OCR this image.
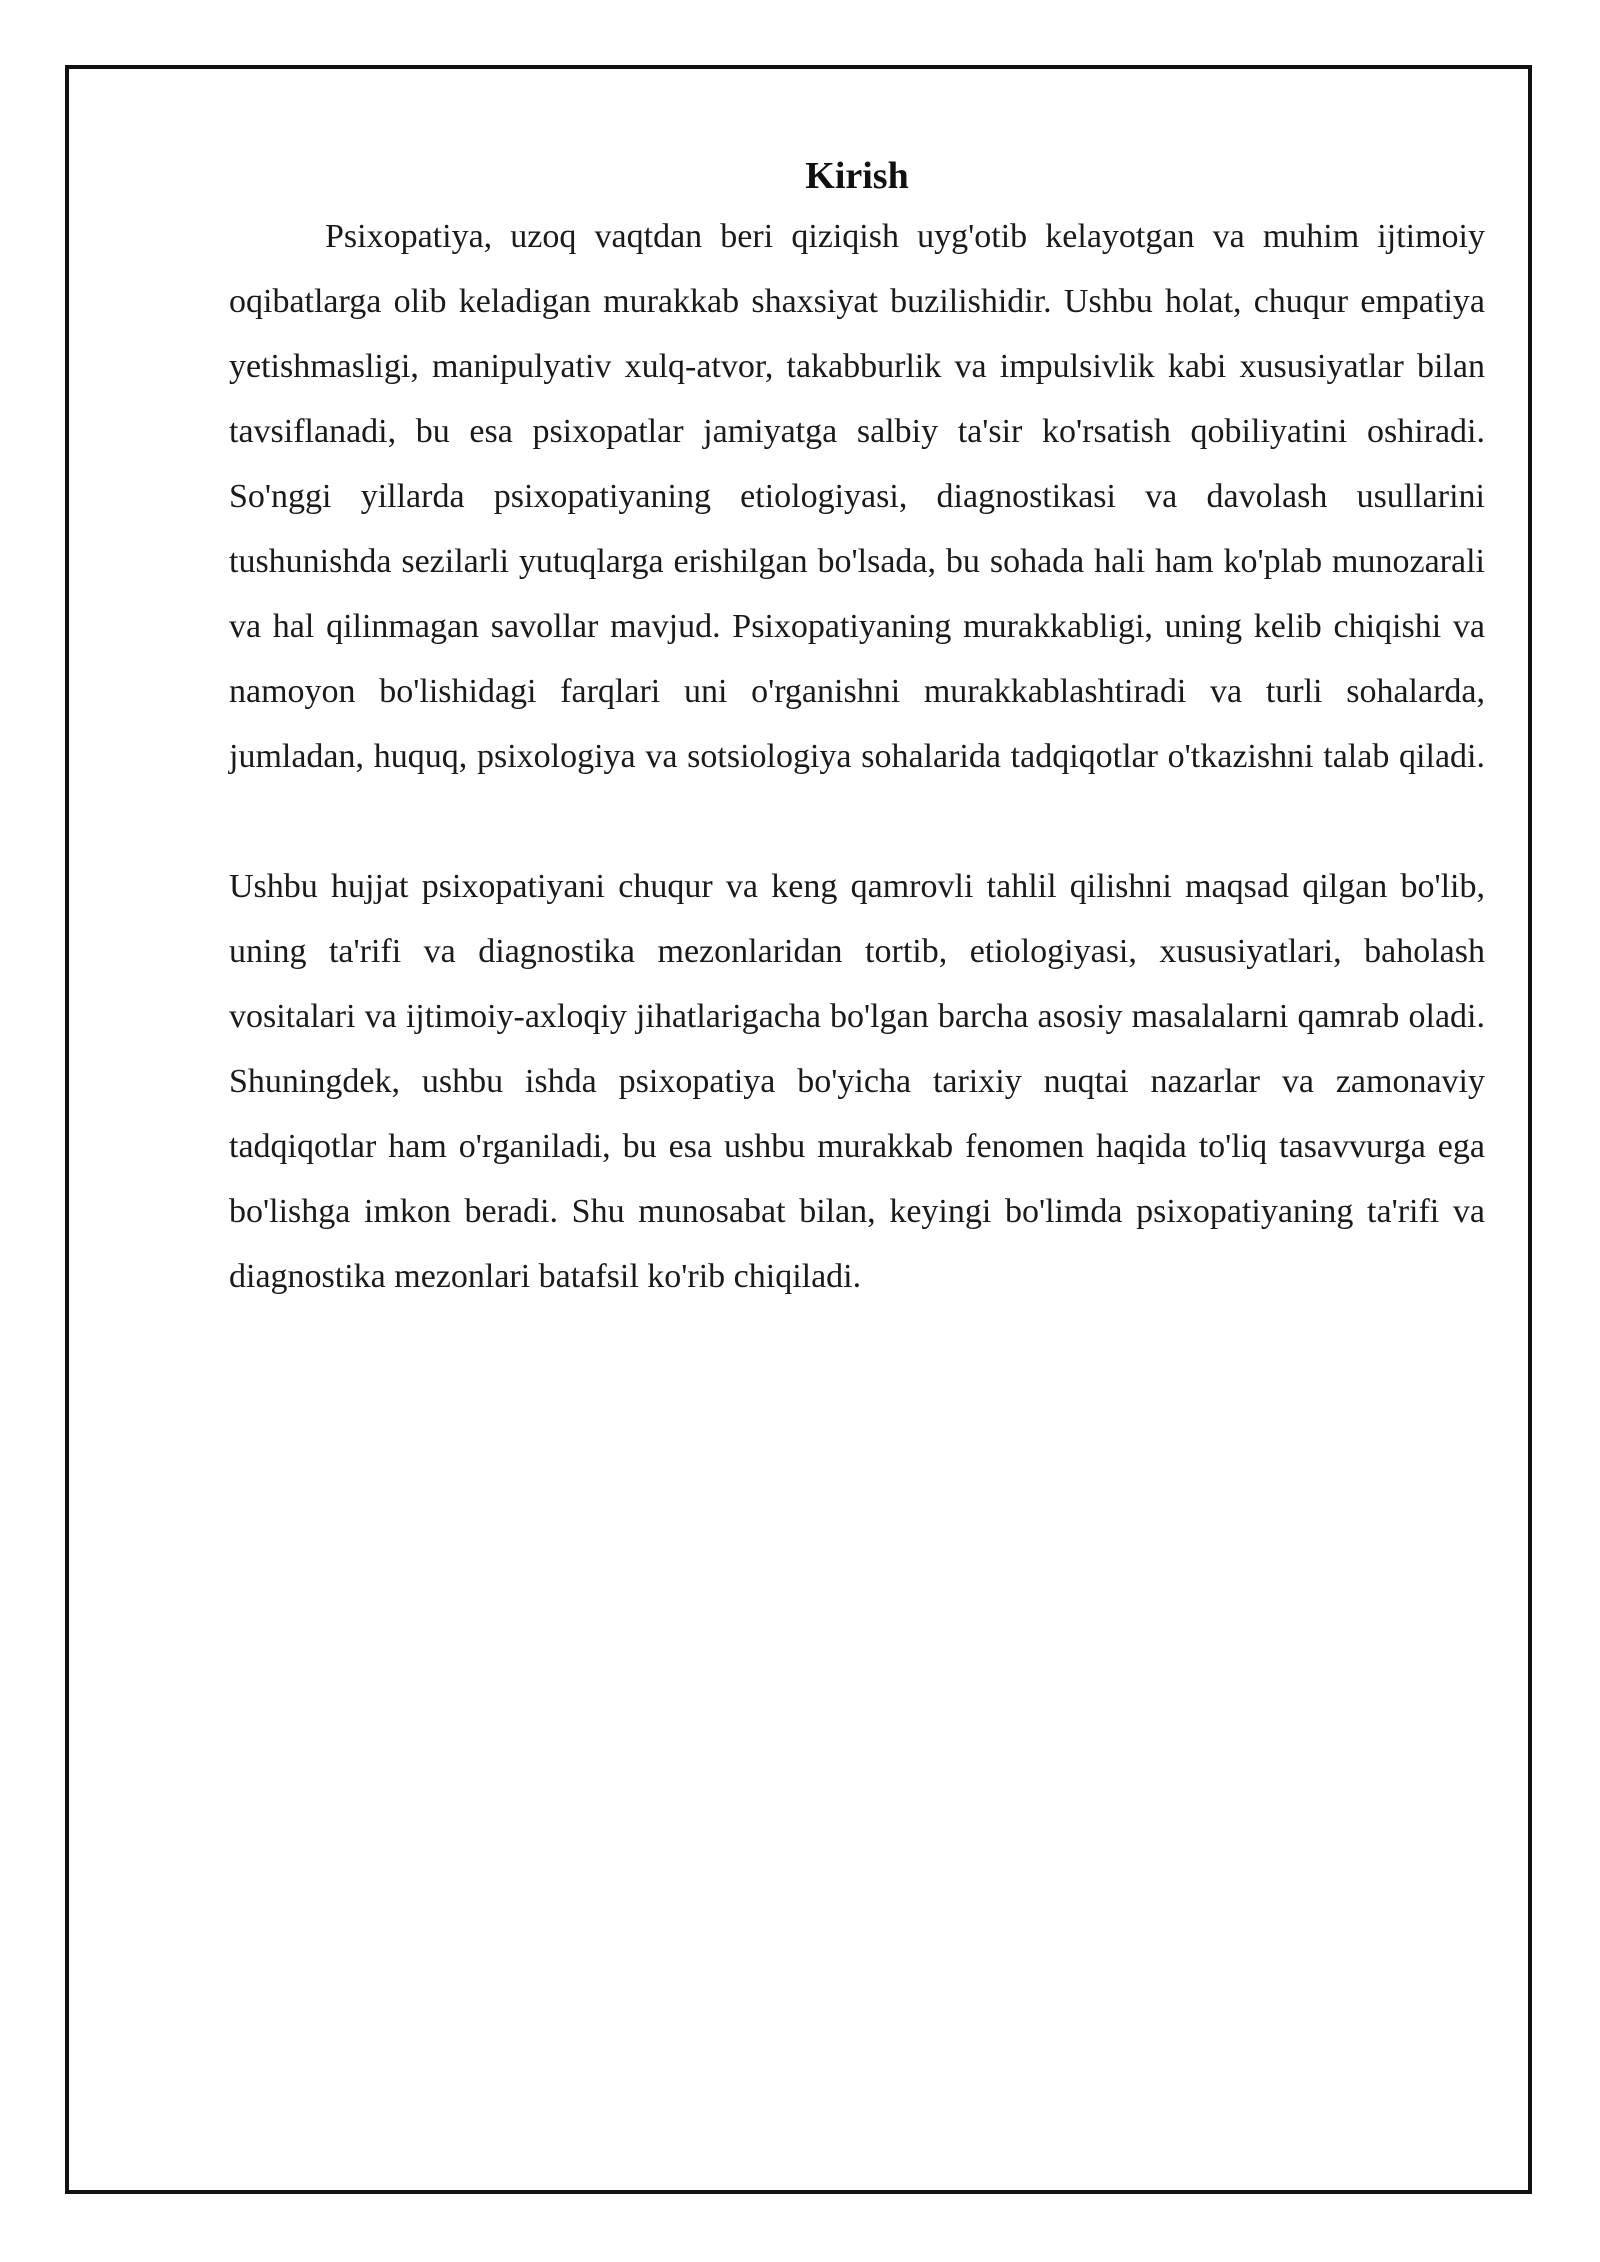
Kirish

Psixopatiya, uzoq vaqtdan beri qiziqish uyg'otib kelayotgan va muhim ijtimoiy oqibatlarga olib keladigan murakkab shaxsiyat buzilishidir. Ushbu holat, chuqur empatiya yetishmasligi, manipulyativ xulq-atvor, takabburlik va impulsivlik kabi xususiyatlar bilan tavsiflanadi, bu esa psixopatlar jamiyatga salbiy ta'sir ko'rsatish qobiliyatini oshiradi. So'nggi yillarda psixopatiyaning etiologiyasi, diagnostikasi va davolash usullarini tushunishda sezilarli yutuqlarga erishilgan bo'lsada, bu sohada hali ham ko'plab munozarali va hal qilinmagan savollar mavjud. Psixopatiyaning murakkabligi, uning kelib chiqishi va namoyon bo'lishidagi farqlari uni o'rganishni murakkablashtiradi va turli sohalarda, jumladan, huquq, psixologiya va sotsiologiya sohalarida tadqiqotlar o'tkazishni talab qiladi.

Ushbu hujjat psixopatiyani chuqur va keng qamrovli tahlil qilishni maqsad qilgan bo'lib, uning ta'rifi va diagnostika mezonlaridan tortib, etiologiyasi, xususiyatlari, baholash vositalari va ijtimoiy-axloqiy jihatlarigacha bo'lgan barcha asosiy masalalarni qamrab oladi. Shuningdek, ushbu ishda psixopatiya bo'yicha tarixiy nuqtai nazarlar va zamonaviy tadqiqotlar ham o'rganiladi, bu esa ushbu murakkab fenomen haqida to'liq tasavvurga ega bo'lishga imkon beradi. Shu munosabat bilan, keyingi bo'limda psixopatiyaning ta'rifi va diagnostika mezonlari batafsil ko'rib chiqiladi.
